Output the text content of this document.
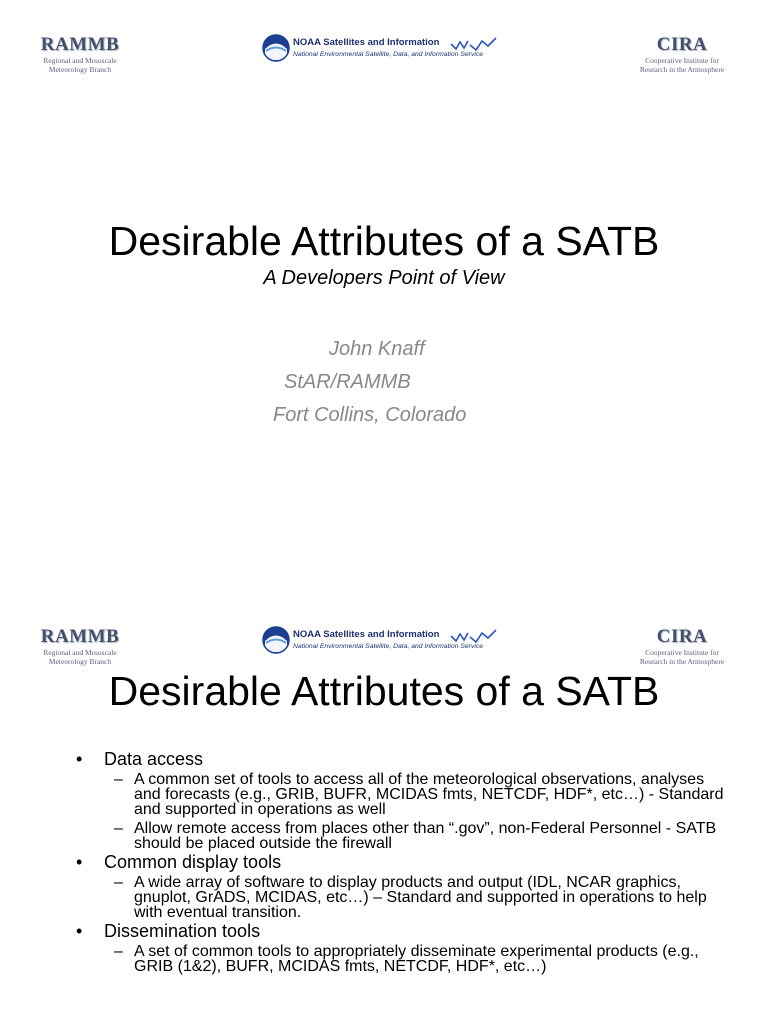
RAMMB
Regional and Mesoscale
Meteorology Branch
NOAA Satellites and Information
National Environmental Satellite, Data, and Information Service	CIRA
Cooperative Institute for
Research in the Atmosphere
Desirable Attributes of a SATB
A Developers Point of View
John Knaff
StAR/RAMMB
Fort Collins, Colorado
RAMMB
Regional and Mesoscale
Meteorology Branch
NOAA Satellites and Information
National Environmental Satellite, Data, and Information Service	CIRA
Cooperative Institute for
Research in the Atmosphere
Desirable Attributes of a SATB
• Data access
– A common set of tools to access all of the meteorological observations, analyses and forecasts (e.g., GRIB, BUFR, MCIDAS fmts, NETCDF, HDF*, etc…) - Standard and supported in operations as well
– Allow remote access from places other than “.gov”, non-Federal Personnel - SATB should be placed outside the firewall
• Common display tools
– A wide array of software to display products and output (IDL, NCAR graphics, gnuplot, GrADS, MCIDAS, etc…) – Standard and supported in operations to help with eventual transition.
• Dissemination tools
– A set of common tools to appropriately disseminate experimental products (e.g., GRIB (1&2), BUFR, MCIDAS fmts, NETCDF, HDF*, etc…)
